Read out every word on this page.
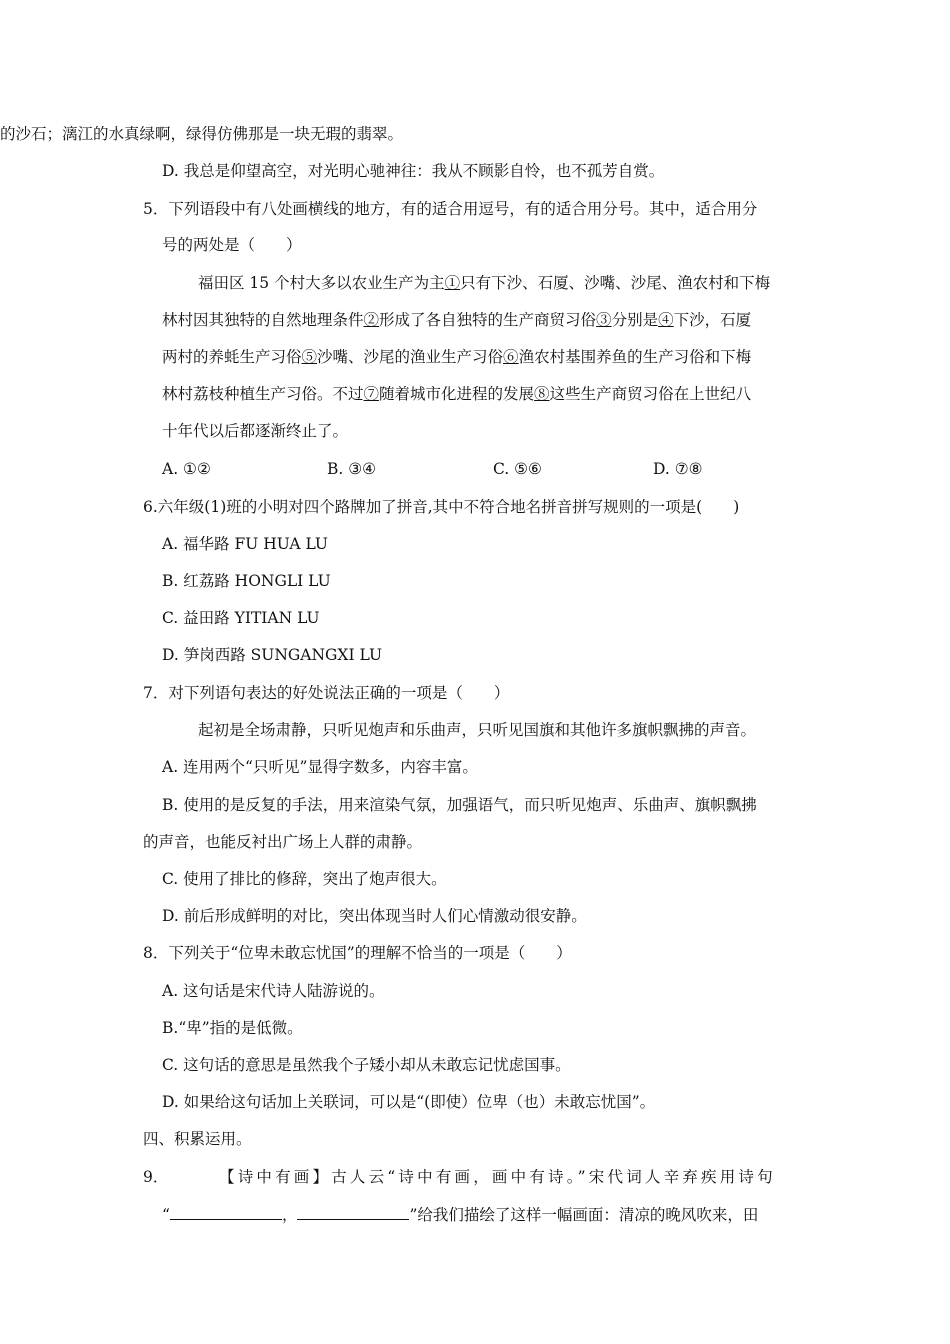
的沙石；漓江的水真绿啊，绿得仿佛那是一块无瑕的翡翠。
D. 我总是仰望高空，对光明心驰神往：我从不顾影自怜，也不孤芳自赏。
5．下列语段中有八处画横线的地方，有的适合用逗号，有的适合用分号。其中，适合用分
号的两处是（　　）
福田区 15 个村大多以农业生产为主①只有下沙、石厦、沙嘴、沙尾、渔农村和下梅
林村因其独特的自然地理条件②形成了各自独特的生产商贸习俗③分别是④下沙，石厦
两村的养蚝生产习俗⑤沙嘴、沙尾的渔业生产习俗⑥渔农村基围养鱼的生产习俗和下梅
林村荔枝种植生产习俗。不过⑦随着城市化进程的发展⑧这些生产商贸习俗在上世纪八
十年代以后都逐渐终止了。
A. ①②	B. ③④	C. ⑤⑥	D. ⑦⑧
6.六年级(1)班的小明对四个路牌加了拼音,其中不符合地名拼音拼写规则的一项是(　　)
A. 福华路 FU HUA LU
B. 红荔路 HONGLI LU
C. 益田路 YITIAN LU
D. 笋岗西路 SUNGANGXI LU
7．对下列语句表达的好处说法正确的一项是（　　）
起初是全场肃静，只听见炮声和乐曲声，只听见国旗和其他许多旗帜飘拂的声音。
A. 连用两个“只听见”显得字数多，内容丰富。
B. 使用的是反复的手法，用来渲染气氛，加强语气，而只听见炮声、乐曲声、旗帜飘拂
的声音，也能反衬出广场上人群的肃静。
C. 使用了排比的修辞，突出了炮声很大。
D. 前后形成鲜明的对比，突出体现当时人们心情激动很安静。
8．下列关于“位卑未敢忘忧国”的理解不恰当的一项是（　　）
A. 这句话是宋代诗人陆游说的。
B.“卑”指的是低微。
C. 这句话的意思是虽然我个子矮小却从未敢忘记忧虑国事。
D. 如果给这句话加上关联词，可以是“(即使）位卑（也）未敢忘忧国”。
四、积累运用。
9．	【诗中有画】古人云“诗中有画，画中有诗。”宋代词人辛弃疾用诗句
“	，	”给我们描绘了这样一幅画面：清凉的晚风吹来，田
